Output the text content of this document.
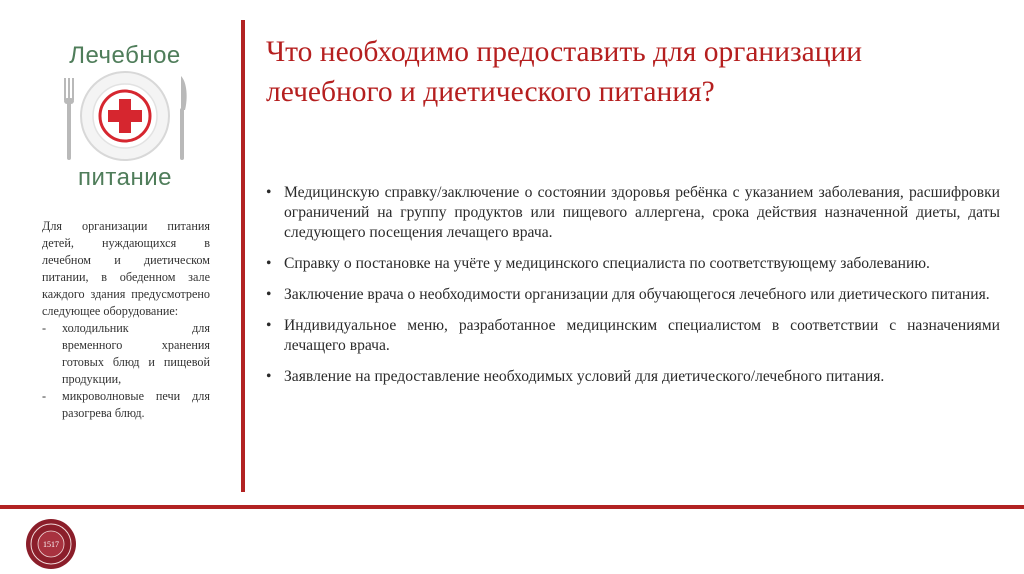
Лечебное
питание

Для организации питания детей, нуждающихся в лечебном и диетическом питании, в обеденном зале каждого здания предусмотрено следующее оборудование:

- холодильник для временного хранения готовых блюд и пищевой продукции,
- микроволновые печи для разогрева блюд.
Что необходимо предоставить для организации лечебного и диетического питания?
• Медицинскую справку/заключение о состоянии здоровья ребёнка с указанием заболевания, расшифровки ограничений на группу продуктов или пищевого аллергена, срока действия назначенной диеты, даты следующего посещения лечащего врача.
• Справку о постановке на учёте у медицинского специалиста по соответствующему заболеванию.
• Заключение врача о необходимости организации для обучающегося лечебного или диетического питания.
• Индивидуальное меню, разработанное медицинским специалистом в соответствии с назначениями лечащего врача.
• Заявление на предоставление необходимых условий для диетического/лечебного питания.
1517
